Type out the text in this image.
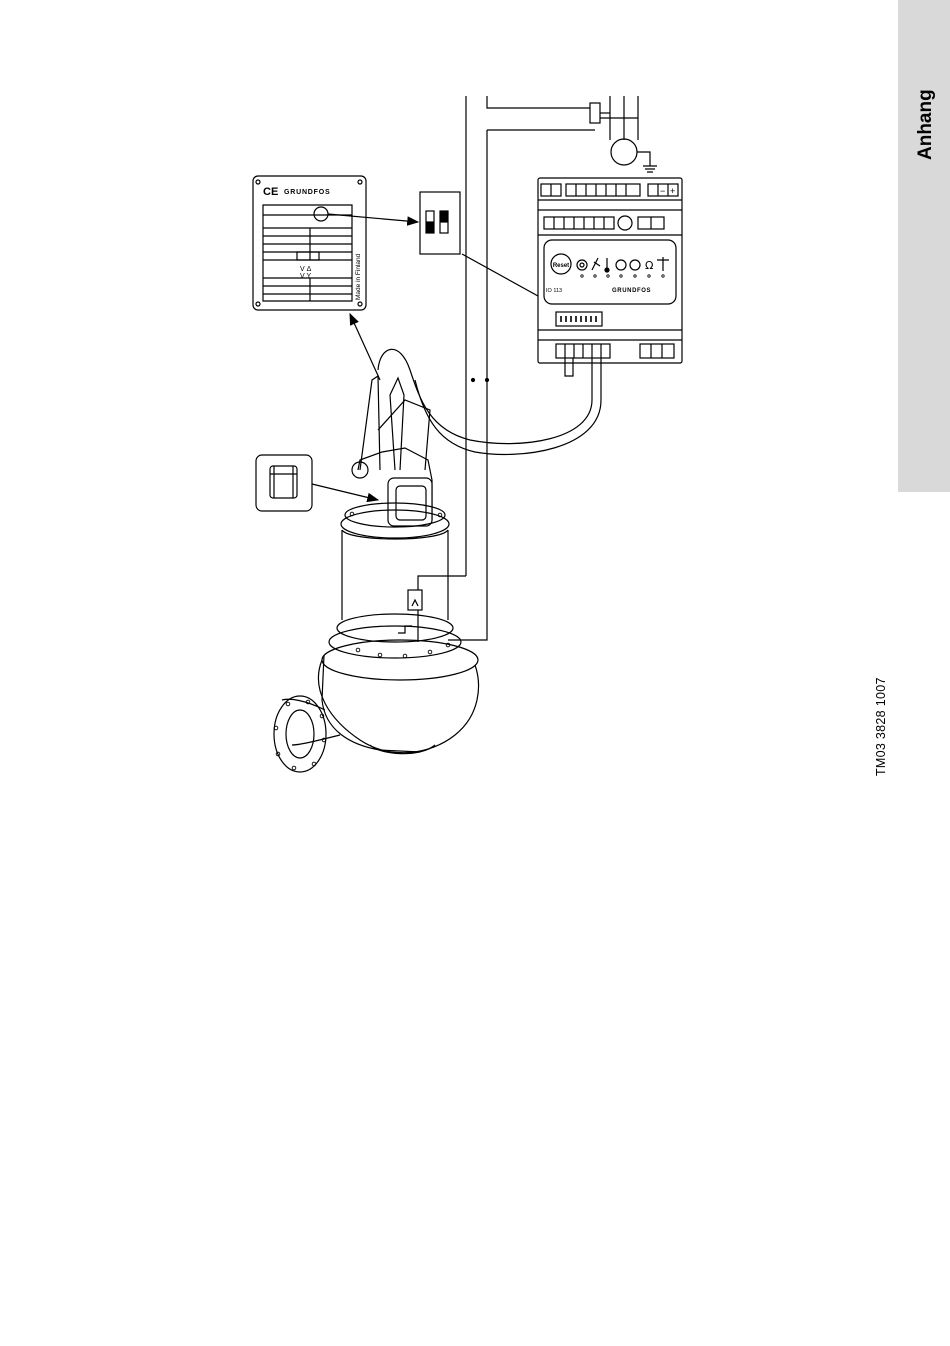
Anhang
TM03 3828 1007
CE GRUNDFOS
V Δ
V Y	Made in Finland
− +
Reset
IO 113	GRUNDFOS
Ω
